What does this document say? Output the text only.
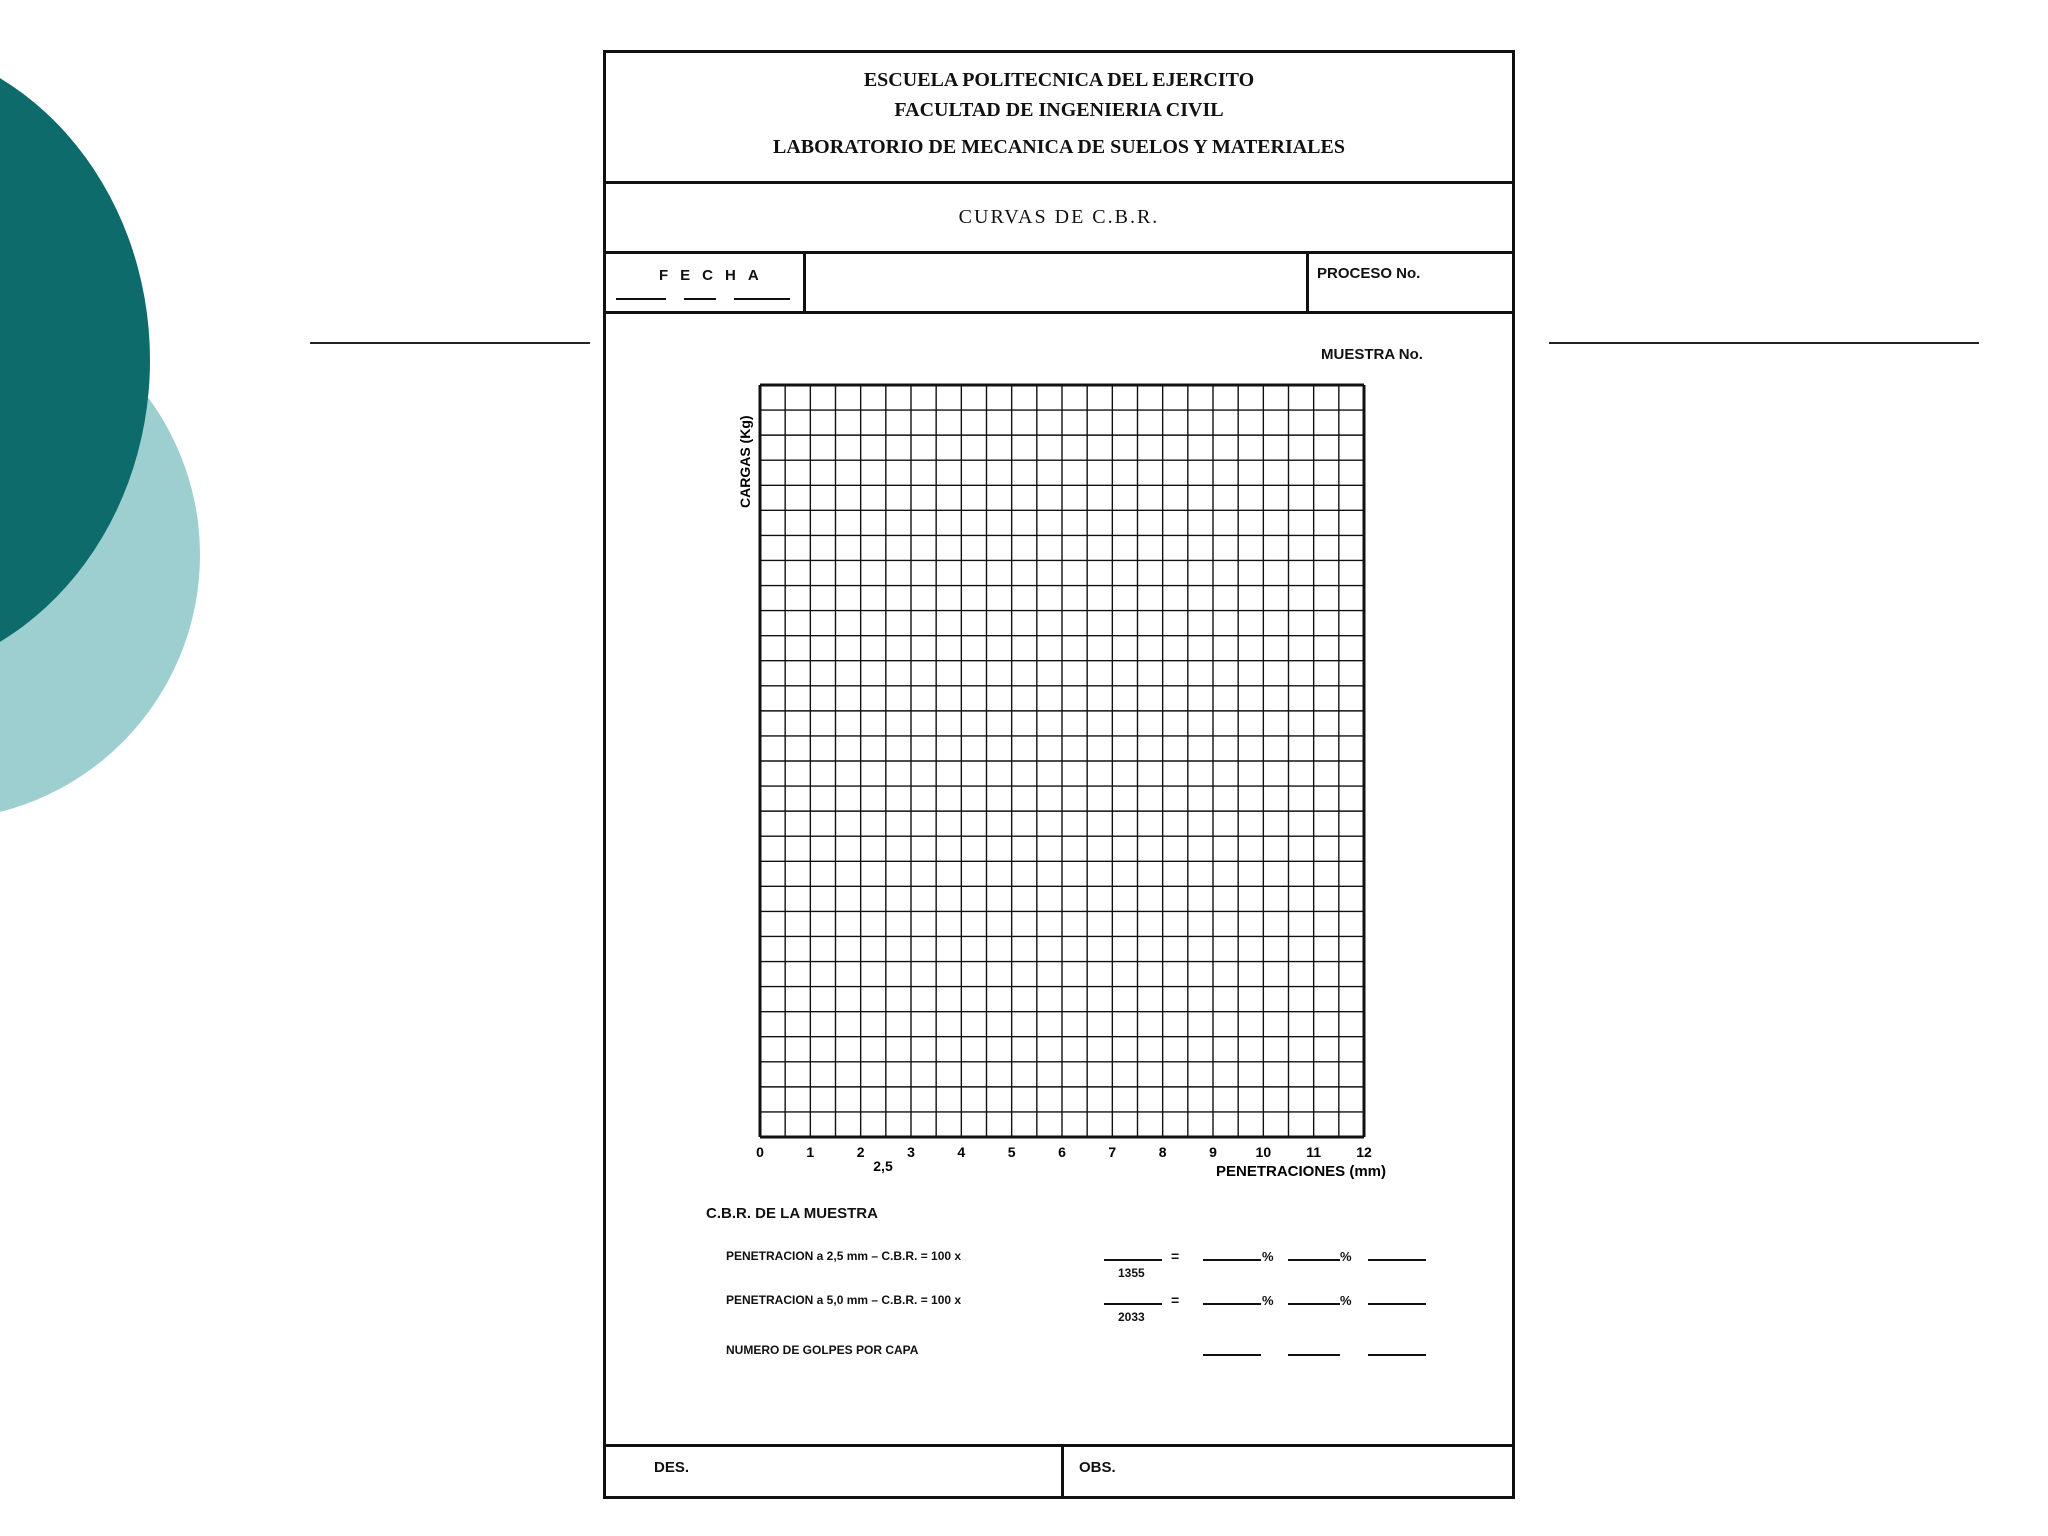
ESCUELA POLITECNICA DEL EJERCITO
FACULTAD DE INGENIERIA CIVIL
LABORATORIO DE MECANICA DE SUELOS Y MATERIALES
CURVAS DE C.B.R.
FECHA	PROCESO No.
MUESTRA No.
0	1	2	3	4	5	6	7	8	9	10	11	12
2,5
CARGAS (Kg)
PENETRACIONES (mm)
C.B.R. DE LA MUESTRA
PENETRACION a 2,5 mm – C.B.R. = 100 x
1355
=	%	%
PENETRACION a 5,0 mm – C.B.R. = 100 x
2033
=	%	%
NUMERO DE GOLPES POR CAPA
DES.	OBS.
